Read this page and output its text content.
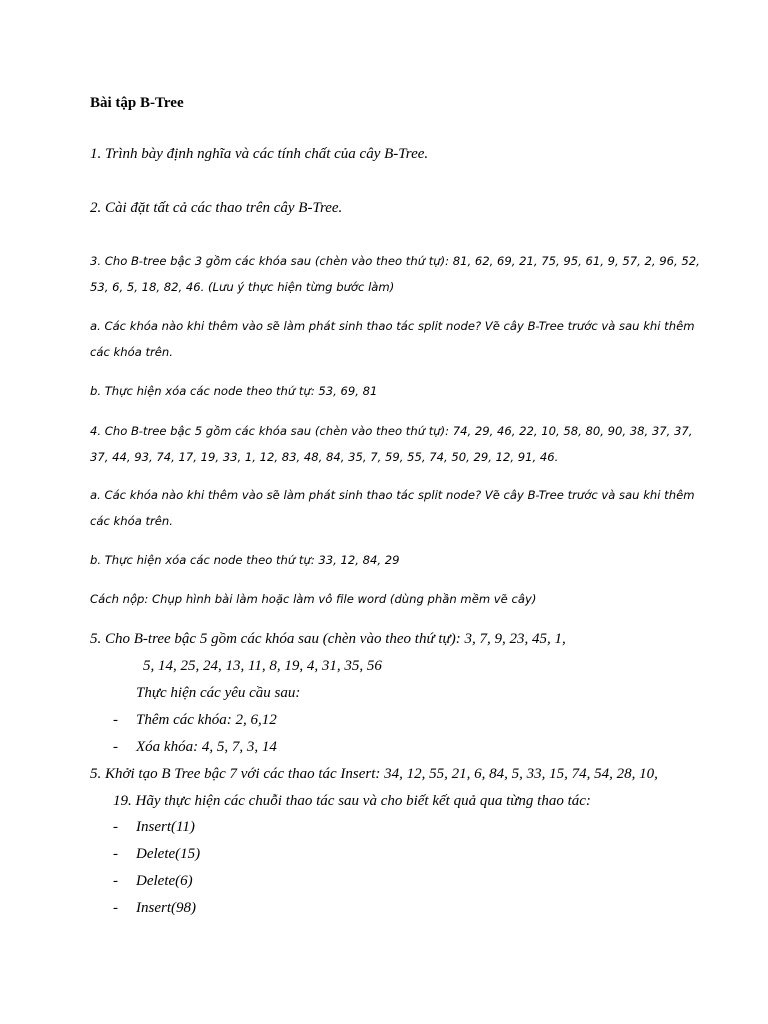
Bài tập B-Tree
1. Trình bày định nghĩa và các tính chất của cây B-Tree.
2. Cài đặt tất cả các thao trên cây B-Tree.
3. Cho B-tree bậc 3 gồm các khóa sau (chèn vào theo thứ tự): 81, 62, 69, 21, 75, 95, 61, 9, 57, 2, 96, 52,
53, 6, 5, 18, 82, 46. (Lưu ý thực hiện từng bước làm)
a. Các khóa nào khi thêm vào sẽ làm phát sinh thao tác split node? Vẽ cây B-Tree trước và sau khi thêm
các khóa trên.
b. Thực hiện xóa các node theo thứ tự: 53, 69, 81
4. Cho B-tree bậc 5 gồm các khóa sau (chèn vào theo thứ tự): 74, 29, 46, 22, 10, 58, 80, 90, 38, 37, 37,
37, 44, 93, 74, 17, 19, 33, 1, 12, 83, 48, 84, 35, 7, 59, 55, 74, 50, 29, 12, 91, 46.
a. Các khóa nào khi thêm vào sẽ làm phát sinh thao tác split node? Vẽ cây B-Tree trước và sau khi thêm
các khóa trên.
b. Thực hiện xóa các node theo thứ tự: 33, 12, 84, 29
Cách nộp: Chụp hình bài làm hoặc làm vô file word (dùng phần mềm vẽ cây)
5. Cho B-tree bậc 5 gồm các khóa sau (chèn vào theo thứ tự): 3, 7, 9, 23, 45, 1,
5, 14, 25, 24, 13, 11, 8, 19, 4, 31, 35, 56
Thực hiện các yêu cầu sau:
- Thêm các khóa: 2, 6,12
- Xóa khóa: 4, 5, 7, 3, 14
5. Khởi tạo B Tree bậc 7 với các thao tác Insert: 34, 12, 55, 21, 6, 84, 5, 33, 15, 74, 54, 28, 10,
19. Hãy thực hiện các chuỗi thao tác sau và cho biết kết quả qua từng thao tác:
- Insert(11)
- Delete(15)
- Delete(6)
- Insert(98)
